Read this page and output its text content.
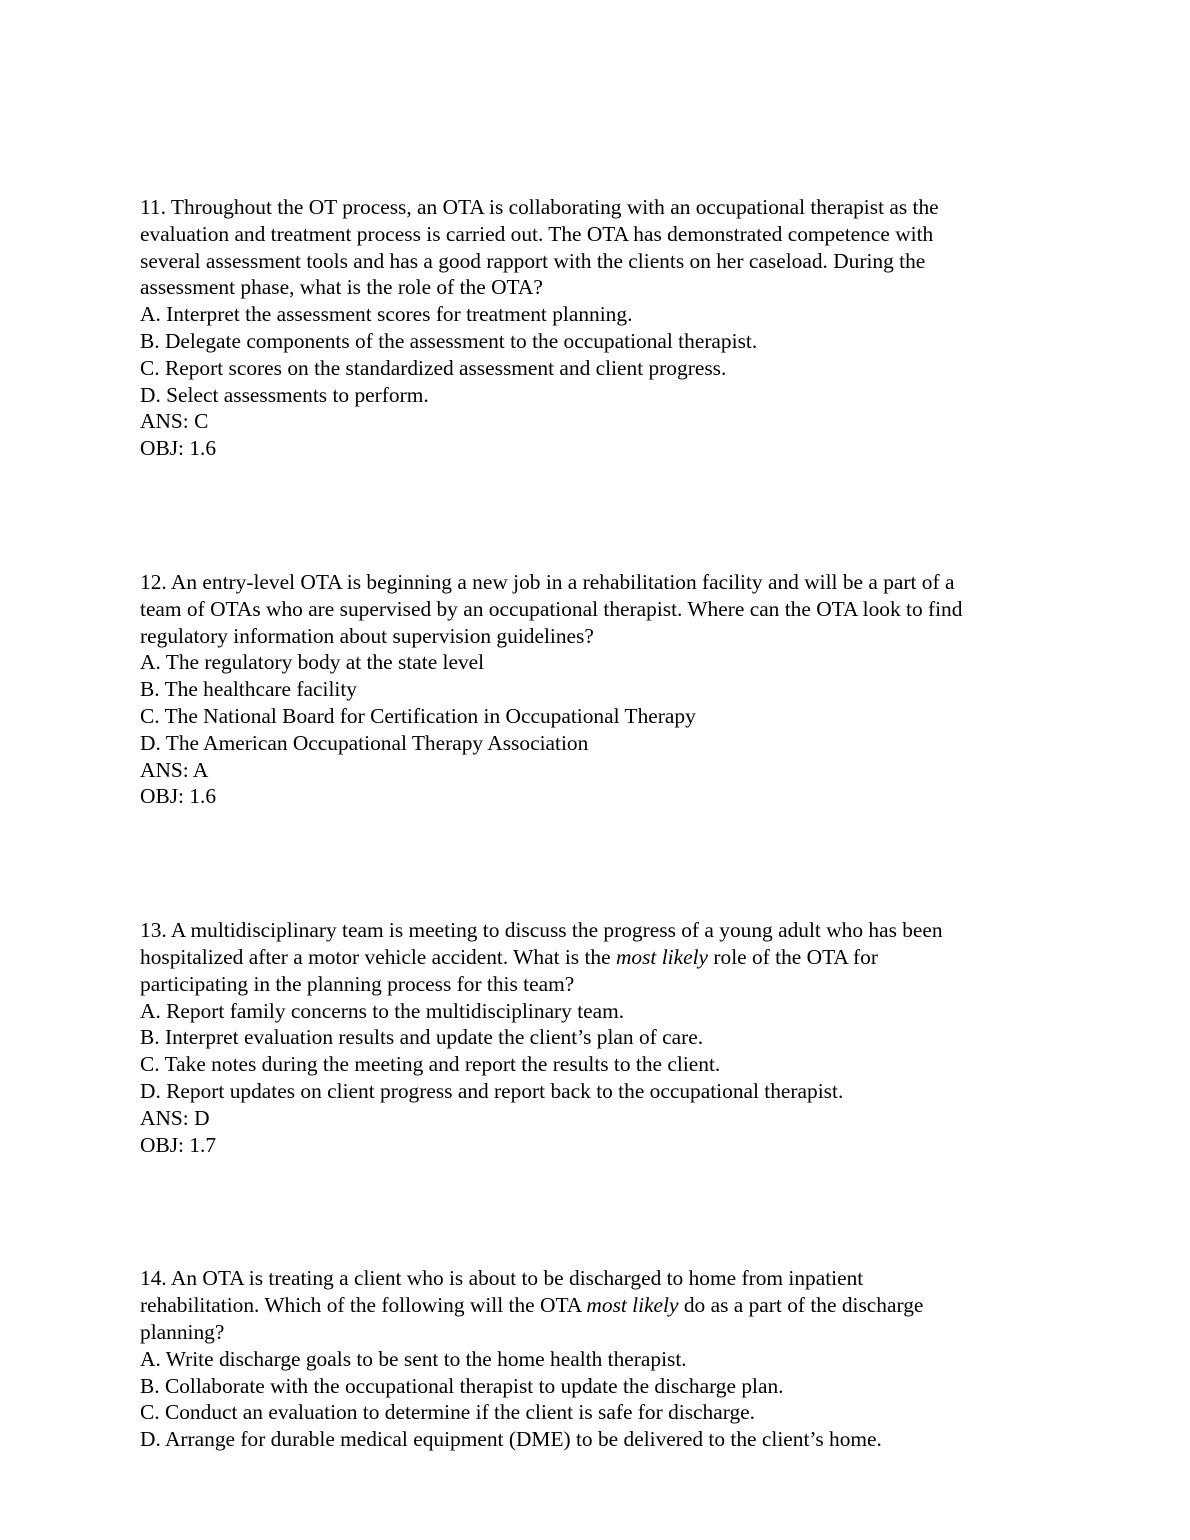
11. Throughout the OT process, an OTA is collaborating with an occupational therapist as the
evaluation and treatment process is carried out. The OTA has demonstrated competence with
several assessment tools and has a good rapport with the clients on her caseload. During the
assessment phase, what is the role of the OTA?
A. Interpret the assessment scores for treatment planning.
B. Delegate components of the assessment to the occupational therapist.
C. Report scores on the standardized assessment and client progress.
D. Select assessments to perform.
ANS: C
OBJ: 1.6
12. An entry-level OTA is beginning a new job in a rehabilitation facility and will be a part of a
team of OTAs who are supervised by an occupational therapist. Where can the OTA look to find
regulatory information about supervision guidelines?
A. The regulatory body at the state level
B. The healthcare facility
C. The National Board for Certification in Occupational Therapy
D. The American Occupational Therapy Association
ANS: A
OBJ: 1.6
13. A multidisciplinary team is meeting to discuss the progress of a young adult who has been
hospitalized after a motor vehicle accident. What is the most likely role of the OTA for
participating in the planning process for this team?
A. Report family concerns to the multidisciplinary team.
B. Interpret evaluation results and update the client’s plan of care.
C. Take notes during the meeting and report the results to the client.
D. Report updates on client progress and report back to the occupational therapist.
ANS: D
OBJ: 1.7
14. An OTA is treating a client who is about to be discharged to home from inpatient
rehabilitation. Which of the following will the OTA most likely do as a part of the discharge
planning?
A. Write discharge goals to be sent to the home health therapist.
B. Collaborate with the occupational therapist to update the discharge plan.
C. Conduct an evaluation to determine if the client is safe for discharge.
D. Arrange for durable medical equipment (DME) to be delivered to the client’s home.
